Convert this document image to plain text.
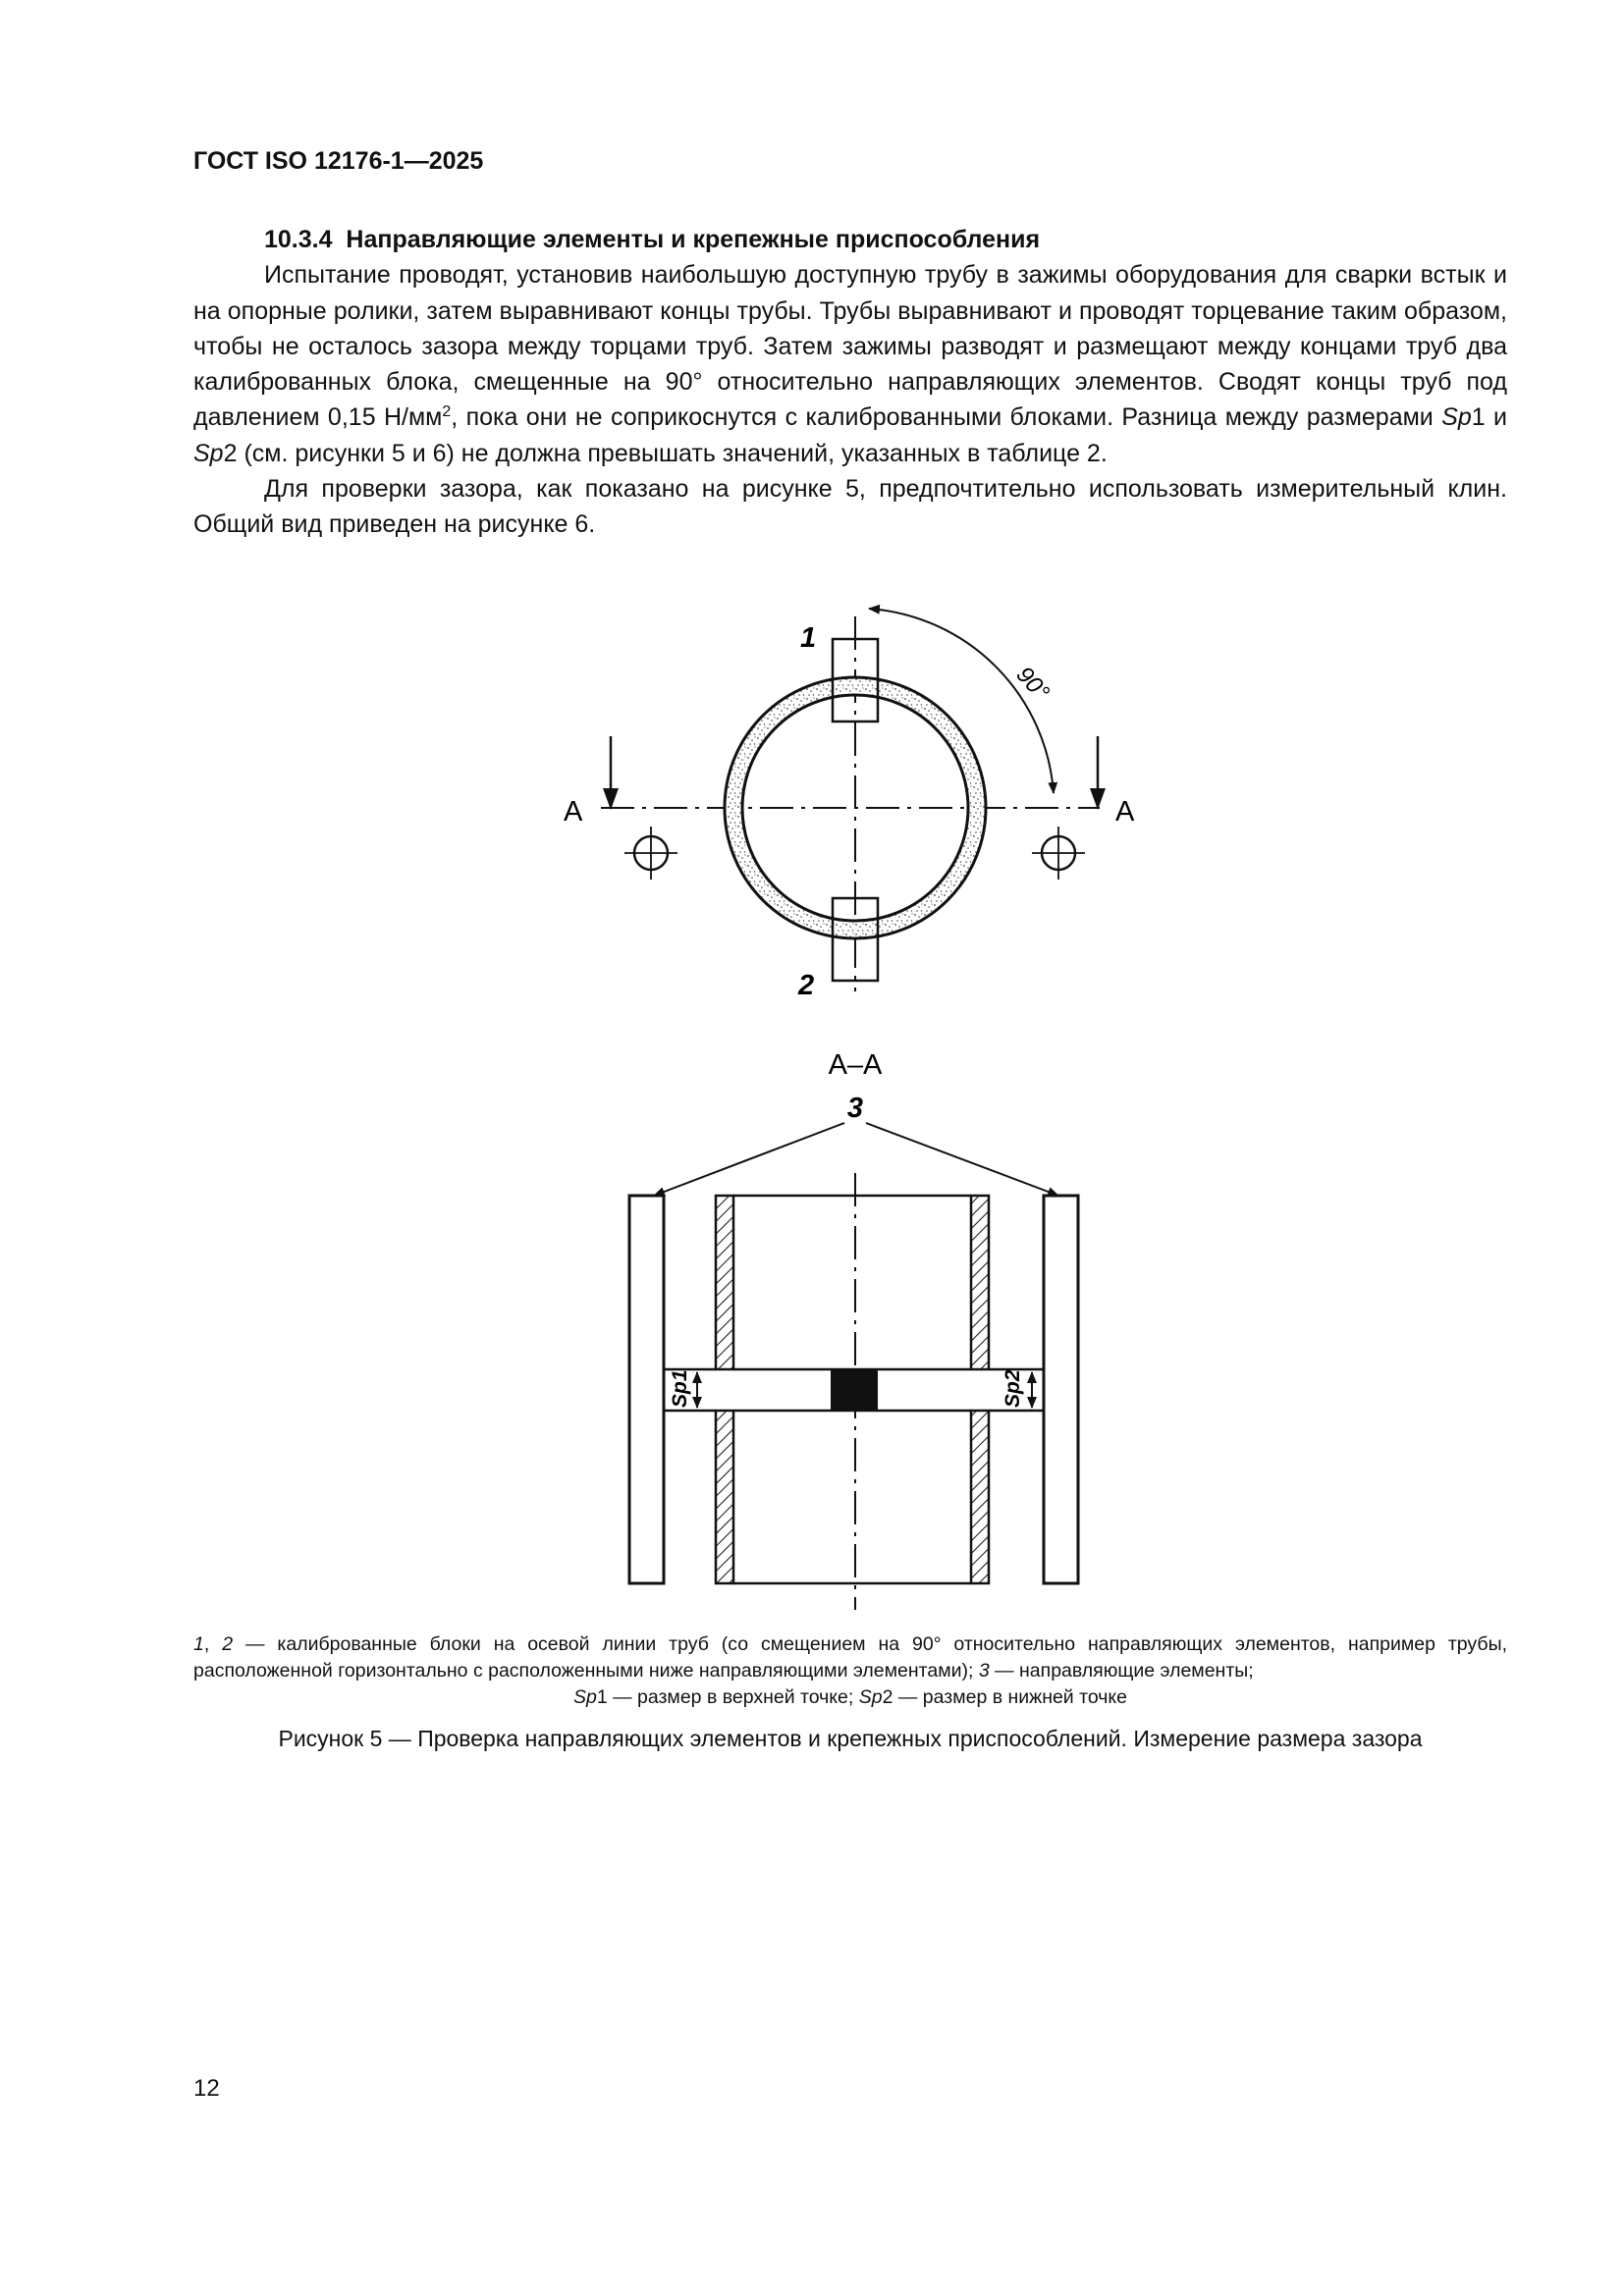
ГОСТ ISO 12176-1—2025
10.3.4 Направляющие элементы и крепежные приспособления

Испытание проводят, установив наибольшую доступную трубу в зажимы оборудования для сварки встык и на опорные ролики, затем выравнивают концы трубы. Трубы выравнивают и проводят торцевание таким образом, чтобы не осталось зазора между торцами труб. Затем зажимы разводят и размещают между концами труб два калиброванных блока, смещенные на 90° относительно направляющих элементов. Сводят концы труб под давлением 0,15 $Н/мм^2$, пока они не соприкоснутся с калиброванными блоками. Разница между размерами Sp1 и Sp2 (см. рисунки 5 и 6) не должна превышать значений, указанных в таблице 2.

Для проверки зазора, как показано на рисунке 5, предпочтительно использовать измерительный клин. Общий вид приведен на рисунке 6.

90°
1
2
A	A
A–A
3
Sp1	Sp2
1, 2 — калиброванные блоки на осевой линии труб (со смещением на 90° относительно направляющих элементов, например трубы, расположенной горизонтально с расположенными ниже направляющими элементами); 3 — направляющие элементы;
Sp1 — размер в верхней точке; Sp2 — размер в нижней точке
Рисунок 5 — Проверка направляющих элементов и крепежных приспособлений. Измерение размера зазора
12
